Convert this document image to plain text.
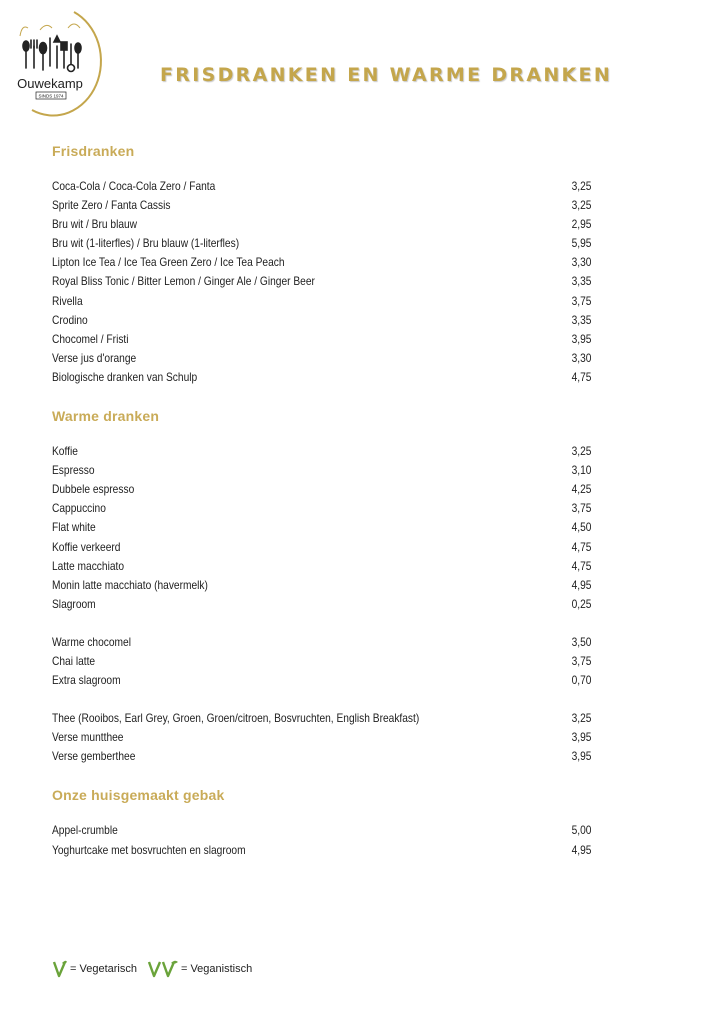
Ouwekamp
SINDS 1974
FRISDRANKEN EN WARME DRANKEN
Frisdranken
Coca-Cola / Coca-Cola Zero / Fanta	3,25
Sprite Zero / Fanta Cassis	3,25
Bru wit / Bru blauw	2,95
Bru wit (1-literfles) / Bru blauw (1-literfles)	5,95
Lipton Ice Tea / Ice Tea Green Zero / Ice Tea Peach	3,30
Royal Bliss Tonic / Bitter Lemon / Ginger Ale / Ginger Beer	3,35
Rivella	3,75
Crodino	3,35
Chocomel / Fristi	3,95
Verse jus d'orange	3,30
Biologische dranken van Schulp	4,75
Warme dranken
Koffie	3,25
Espresso	3,10
Dubbele espresso	4,25
Cappuccino	3,75
Flat white	4,50
Koffie verkeerd	4,75
Latte macchiato	4,75
Monin latte macchiato (havermelk)	4,95
Slagroom	0,25
Warme chocomel	3,50
Chai latte	3,75
Extra slagroom	0,70
Thee (Rooibos, Earl Grey, Groen, Groen/citroen, Bosvruchten, English Breakfast)	3,25
Verse muntthee	3,95
Verse gemberthee	3,95
Onze huisgemaakt gebak
Appel-crumble	5,00
Yoghurtcake met bosvruchten en slagroom	4,95
= Vegetarisch	= Veganistisch
